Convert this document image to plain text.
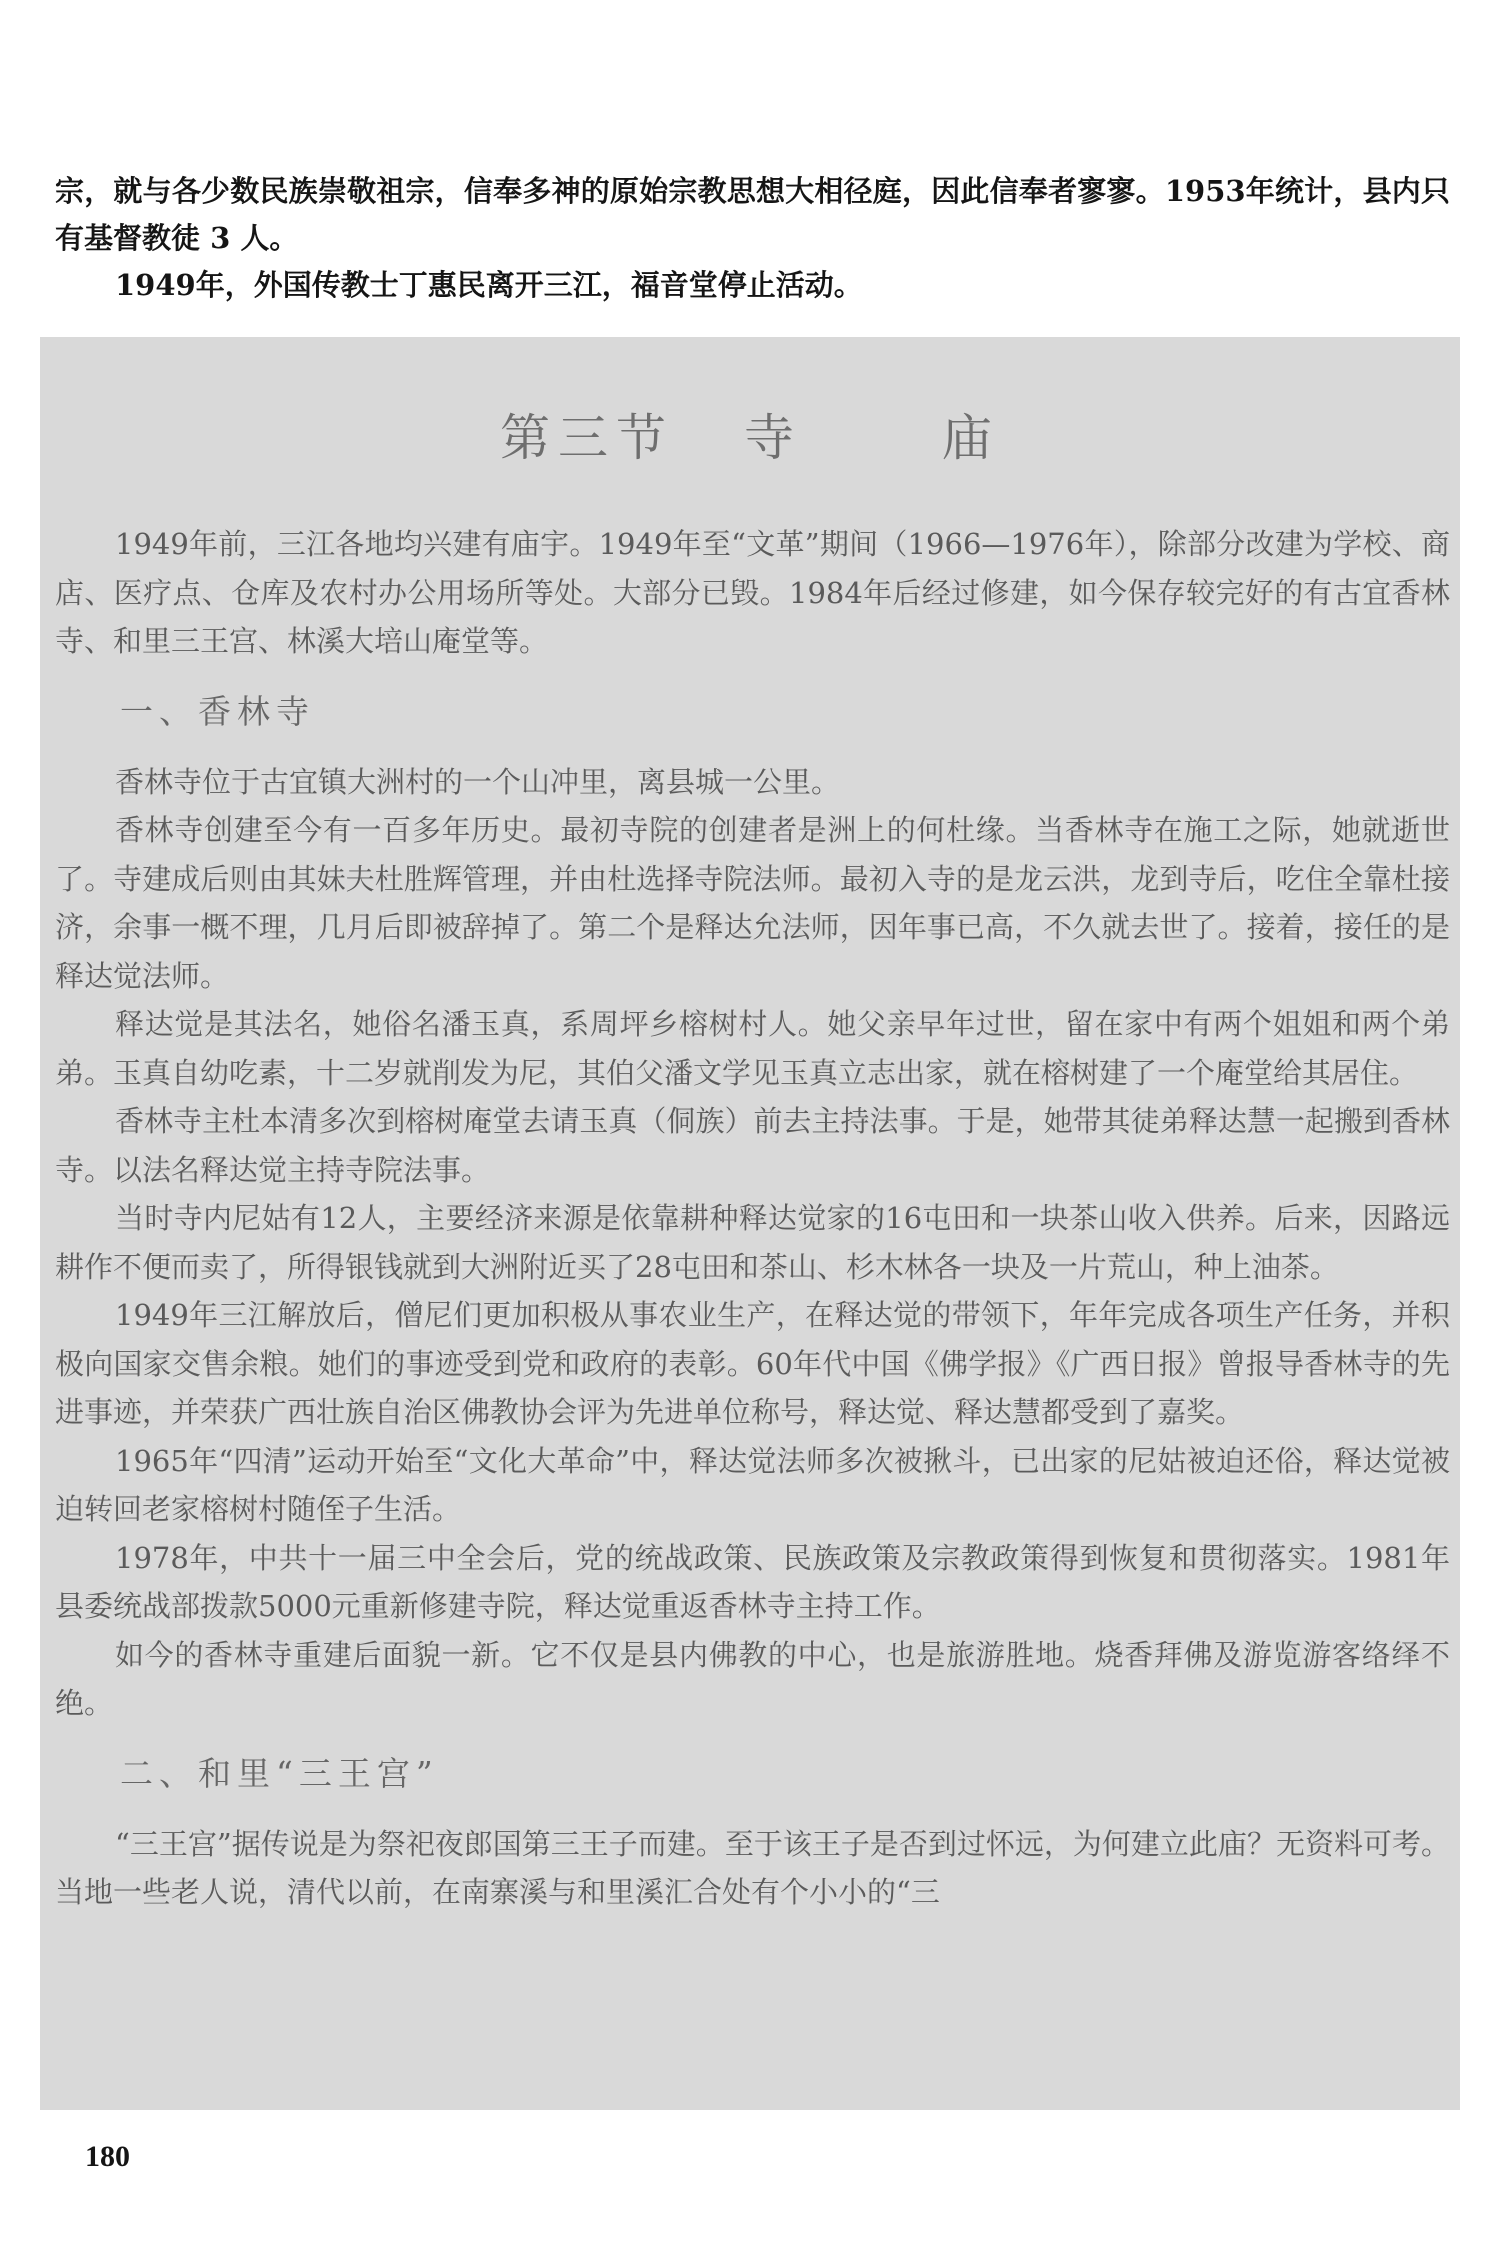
宗，就与各少数民族崇敬祖宗，信奉多神的原始宗教思想大相径庭，因此信奉者寥寥。1953年统计，县内只有基督教徒 3 人。

1949年，外国传教士丁惠民离开三江，福音堂停止活动。

第三节 寺	庙

1949年前，三江各地均兴建有庙宇。1949年至“文革”期间（1966—1976年），除部分改建为学校、商店、医疗点、仓库及农村办公用场所等处。大部分已毁。1984年后经过修建，如今保存较完好的有古宜香林寺、和里三王宫、林溪大培山庵堂等。

一、香林寺

香林寺位于古宜镇大洲村的一个山冲里，离县城一公里。

香林寺创建至今有一百多年历史。最初寺院的创建者是洲上的何杜缘。当香林寺在施工之际，她就逝世了。寺建成后则由其妹夫杜胜辉管理，并由杜选择寺院法师。最初入寺的是龙云洪，龙到寺后，吃住全靠杜接济，余事一概不理，几月后即被辞掉了。第二个是释达允法师，因年事已高，不久就去世了。接着，接任的是释达觉法师。

释达觉是其法名，她俗名潘玉真，系周坪乡榕树村人。她父亲早年过世，留在家中有两个姐姐和两个弟弟。玉真自幼吃素，十二岁就削发为尼，其伯父潘文学见玉真立志出家，就在榕树建了一个庵堂给其居住。

香林寺主杜本清多次到榕树庵堂去请玉真（侗族）前去主持法事。于是，她带其徒弟释达慧一起搬到香林寺。以法名释达觉主持寺院法事。

当时寺内尼姑有12人，主要经济来源是依靠耕种释达觉家的16屯田和一块茶山收入供养。后来，因路远耕作不便而卖了，所得银钱就到大洲附近买了28屯田和茶山、杉木林各一块及一片荒山，种上油茶。

1949年三江解放后，僧尼们更加积极从事农业生产，在释达觉的带领下，年年完成各项生产任务，并积极向国家交售余粮。她们的事迹受到党和政府的表彰。60年代中国《佛学报》《广西日报》曾报导香林寺的先进事迹，并荣获广西壮族自治区佛教协会评为先进单位称号，释达觉、释达慧都受到了嘉奖。

1965年“四清”运动开始至“文化大革命”中，释达觉法师多次被揪斗，已出家的尼姑被迫还俗，释达觉被迫转回老家榕树村随侄子生活。

1978年，中共十一届三中全会后，党的统战政策、民族政策及宗教政策得到恢复和贯彻落实。1981年县委统战部拨款5000元重新修建寺院，释达觉重返香林寺主持工作。

如今的香林寺重建后面貌一新。它不仅是县内佛教的中心，也是旅游胜地。烧香拜佛及游览游客络绎不绝。

二、和里“三王宫”

“三王宫”据传说是为祭祀夜郎国第三王子而建。至于该王子是否到过怀远，为何建立此庙？无资料可考。当地一些老人说，清代以前，在南寨溪与和里溪汇合处有个小小的“三

180
